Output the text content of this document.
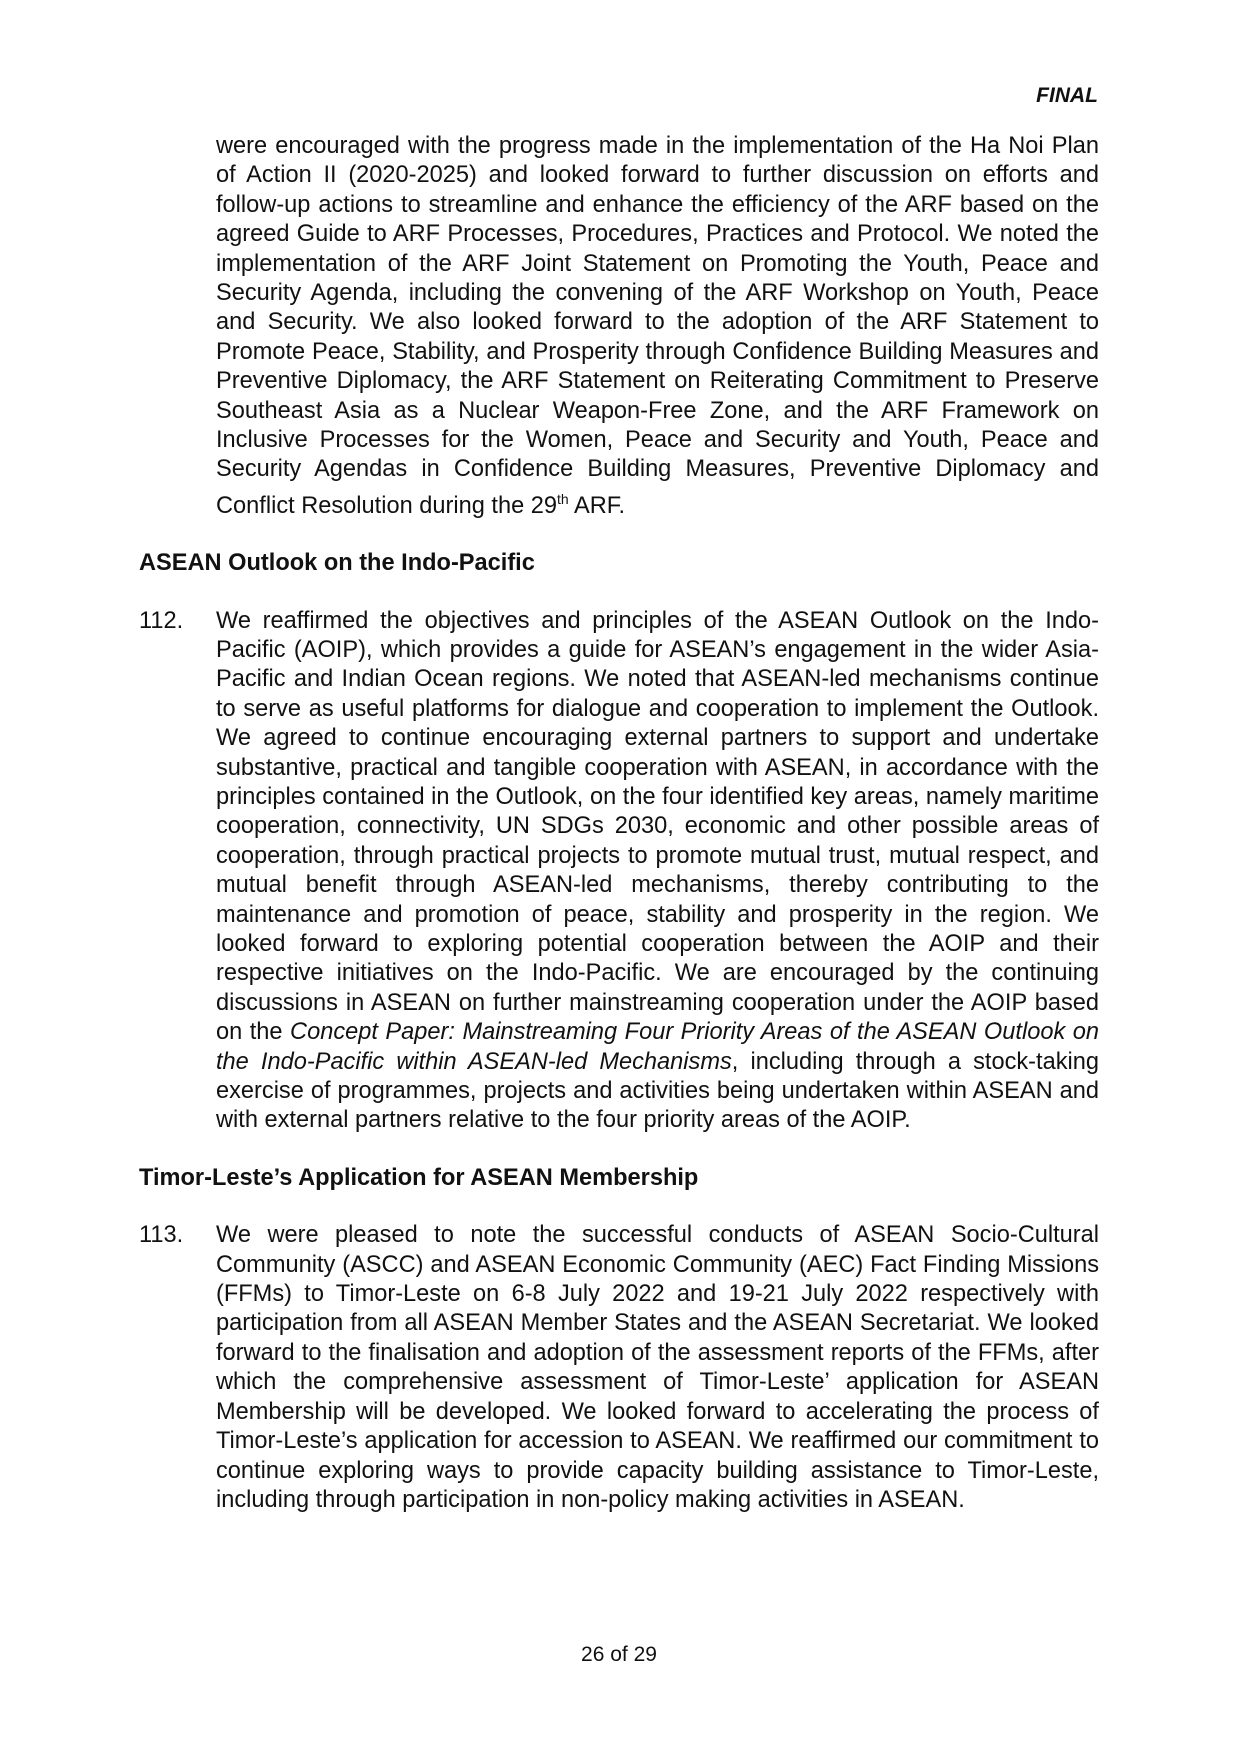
FINAL
were encouraged with the progress made in the implementation of the Ha Noi Plan of Action II (2020-2025) and looked forward to further discussion on efforts and follow-up actions to streamline and enhance the efficiency of the ARF based on the agreed Guide to ARF Processes, Procedures, Practices and Protocol. We noted the implementation of the ARF Joint Statement on Promoting the Youth, Peace and Security Agenda, including the convening of the ARF Workshop on Youth, Peace and Security. We also looked forward to the adoption of the ARF Statement to Promote Peace, Stability, and Prosperity through Confidence Building Measures and Preventive Diplomacy, the ARF Statement on Reiterating Commitment to Preserve Southeast Asia as a Nuclear Weapon-Free Zone, and the ARF Framework on Inclusive Processes for the Women, Peace and Security and Youth, Peace and Security Agendas in Confidence Building Measures, Preventive Diplomacy and Conflict Resolution during the 29th ARF.
ASEAN Outlook on the Indo-Pacific
112.	We reaffirmed the objectives and principles of the ASEAN Outlook on the Indo-Pacific (AOIP), which provides a guide for ASEAN’s engagement in the wider Asia-Pacific and Indian Ocean regions. We noted that ASEAN-led mechanisms continue to serve as useful platforms for dialogue and cooperation to implement the Outlook. We agreed to continue encouraging external partners to support and undertake substantive, practical and tangible cooperation with ASEAN, in accordance with the principles contained in the Outlook, on the four identified key areas, namely maritime cooperation, connectivity, UN SDGs 2030, economic and other possible areas of cooperation, through practical projects to promote mutual trust, mutual respect, and mutual benefit through ASEAN-led mechanisms, thereby contributing to the maintenance and promotion of peace, stability and prosperity in the region. We looked forward to exploring potential cooperation between the AOIP and their respective initiatives on the Indo-Pacific. We are encouraged by the continuing discussions in ASEAN on further mainstreaming cooperation under the AOIP based on the Concept Paper: Mainstreaming Four Priority Areas of the ASEAN Outlook on the Indo-Pacific within ASEAN-led Mechanisms, including through a stock-taking exercise of programmes, projects and activities being undertaken within ASEAN and with external partners relative to the four priority areas of the AOIP.
Timor-Leste’s Application for ASEAN Membership
113.	We were pleased to note the successful conducts of ASEAN Socio-Cultural Community (ASCC) and ASEAN Economic Community (AEC) Fact Finding Missions (FFMs) to Timor-Leste on 6-8 July 2022 and 19-21 July 2022 respectively with participation from all ASEAN Member States and the ASEAN Secretariat. We looked forward to the finalisation and adoption of the assessment reports of the FFMs, after which the comprehensive assessment of Timor-Leste’ application for ASEAN Membership will be developed. We looked forward to accelerating the process of Timor-Leste’s application for accession to ASEAN. We reaffirmed our commitment to continue exploring ways to provide capacity building assistance to Timor-Leste, including through participation in non-policy making activities in ASEAN.
26 of 29
